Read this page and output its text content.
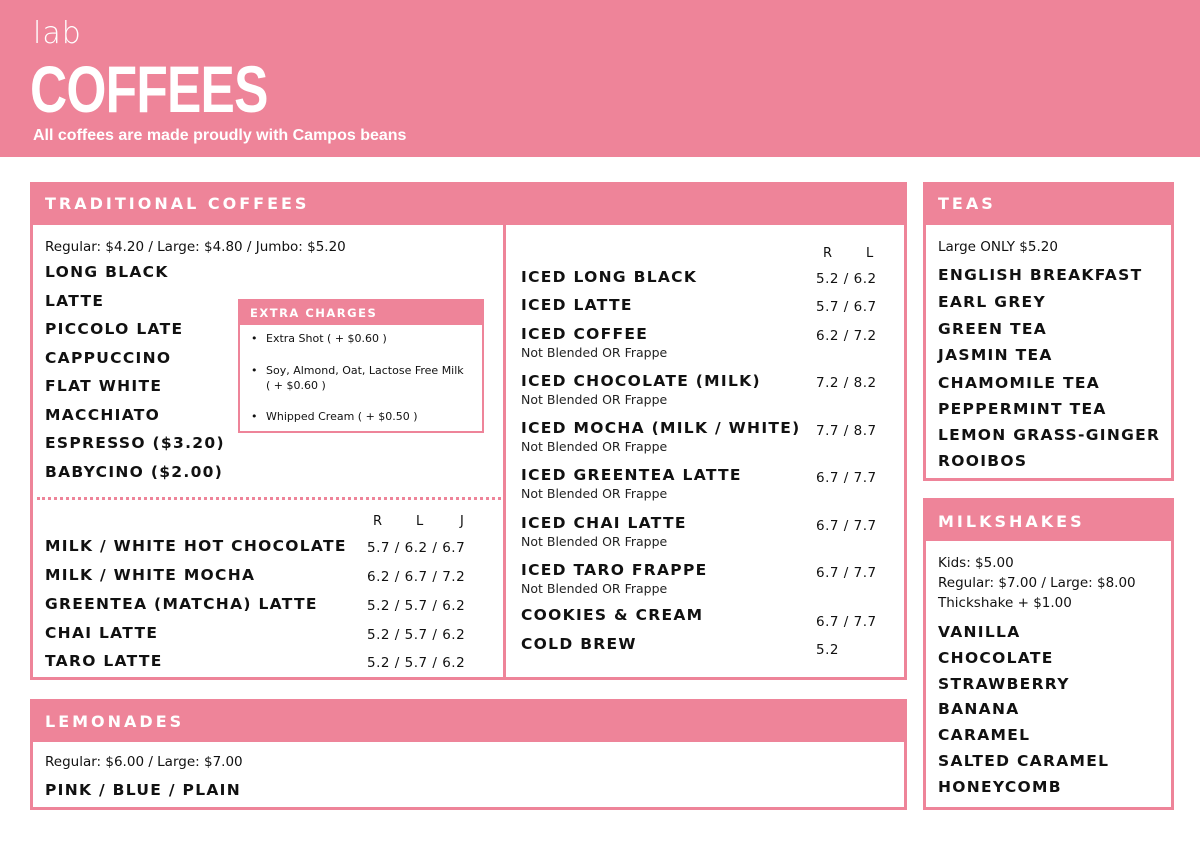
lab
COFFEES
All coffees are made proudly with Campos beans
TRADITIONAL COFFEES
Regular: $4.20 / Large: $4.80 / Jumbo: $5.20
LONG BLACK
LATTE
PICCOLO LATE
CAPPUCCINO
FLAT WHITE
MACCHIATO
ESPRESSO ($3.20)
BABYCINO ($2.00)
EXTRA CHARGES
Extra Shot ( + $0.60 )
•
Soy, Almond, Oat, Lactose Free Milk ( + $0.60 )
•
Whipped Cream ( + $0.50 )
•
R	L	J
MILK / WHITE HOT CHOCOLATE 5.7 / 6.2 / 6.7
MILK / WHITE MOCHA	6.2 / 6.7 / 7.2
GREENTEA (MATCHA) LATTE	5.2 / 5.7 / 6.2
CHAI LATTE	5.2 / 5.7 / 6.2
TARO LATTE	5.2 / 5.7 / 6.2
R	L
ICED LONG BLACK	5.2 / 6.2
ICED LATTE	5.7 / 6.7
ICED COFFEE	6.2 / 7.2
Not Blended OR Frappe
ICED CHOCOLATE (MILK)	7.2 / 8.2
Not Blended OR Frappe
ICED MOCHA (MILK / WHITE) 7.7 / 8.7
Not Blended OR Frappe
ICED GREENTEA LATTE	6.7 / 7.7
Not Blended OR Frappe
ICED CHAI LATTE	6.7 / 7.7
Not Blended OR Frappe
ICED TARO FRAPPE	6.7 / 7.7
Not Blended OR Frappe
COOKIES & CREAM	6.7 / 7.7
COLD BREW	5.2
TEAS
Large ONLY $5.20
ENGLISH BREAKFAST
EARL GREY
GREEN TEA
JASMIN TEA
CHAMOMILE TEA
PEPPERMINT TEA
LEMON GRASS-GINGER
ROOIBOS
MILKSHAKES
Kids: $5.00
Regular: $7.00 / Large: $8.00
Thickshake + $1.00
VANILLA
CHOCOLATE
STRAWBERRY
BANANA
CARAMEL
SALTED CARAMEL
HONEYCOMB
LEMONADES
Regular: $6.00 / Large: $7.00
PINK / BLUE / PLAIN
